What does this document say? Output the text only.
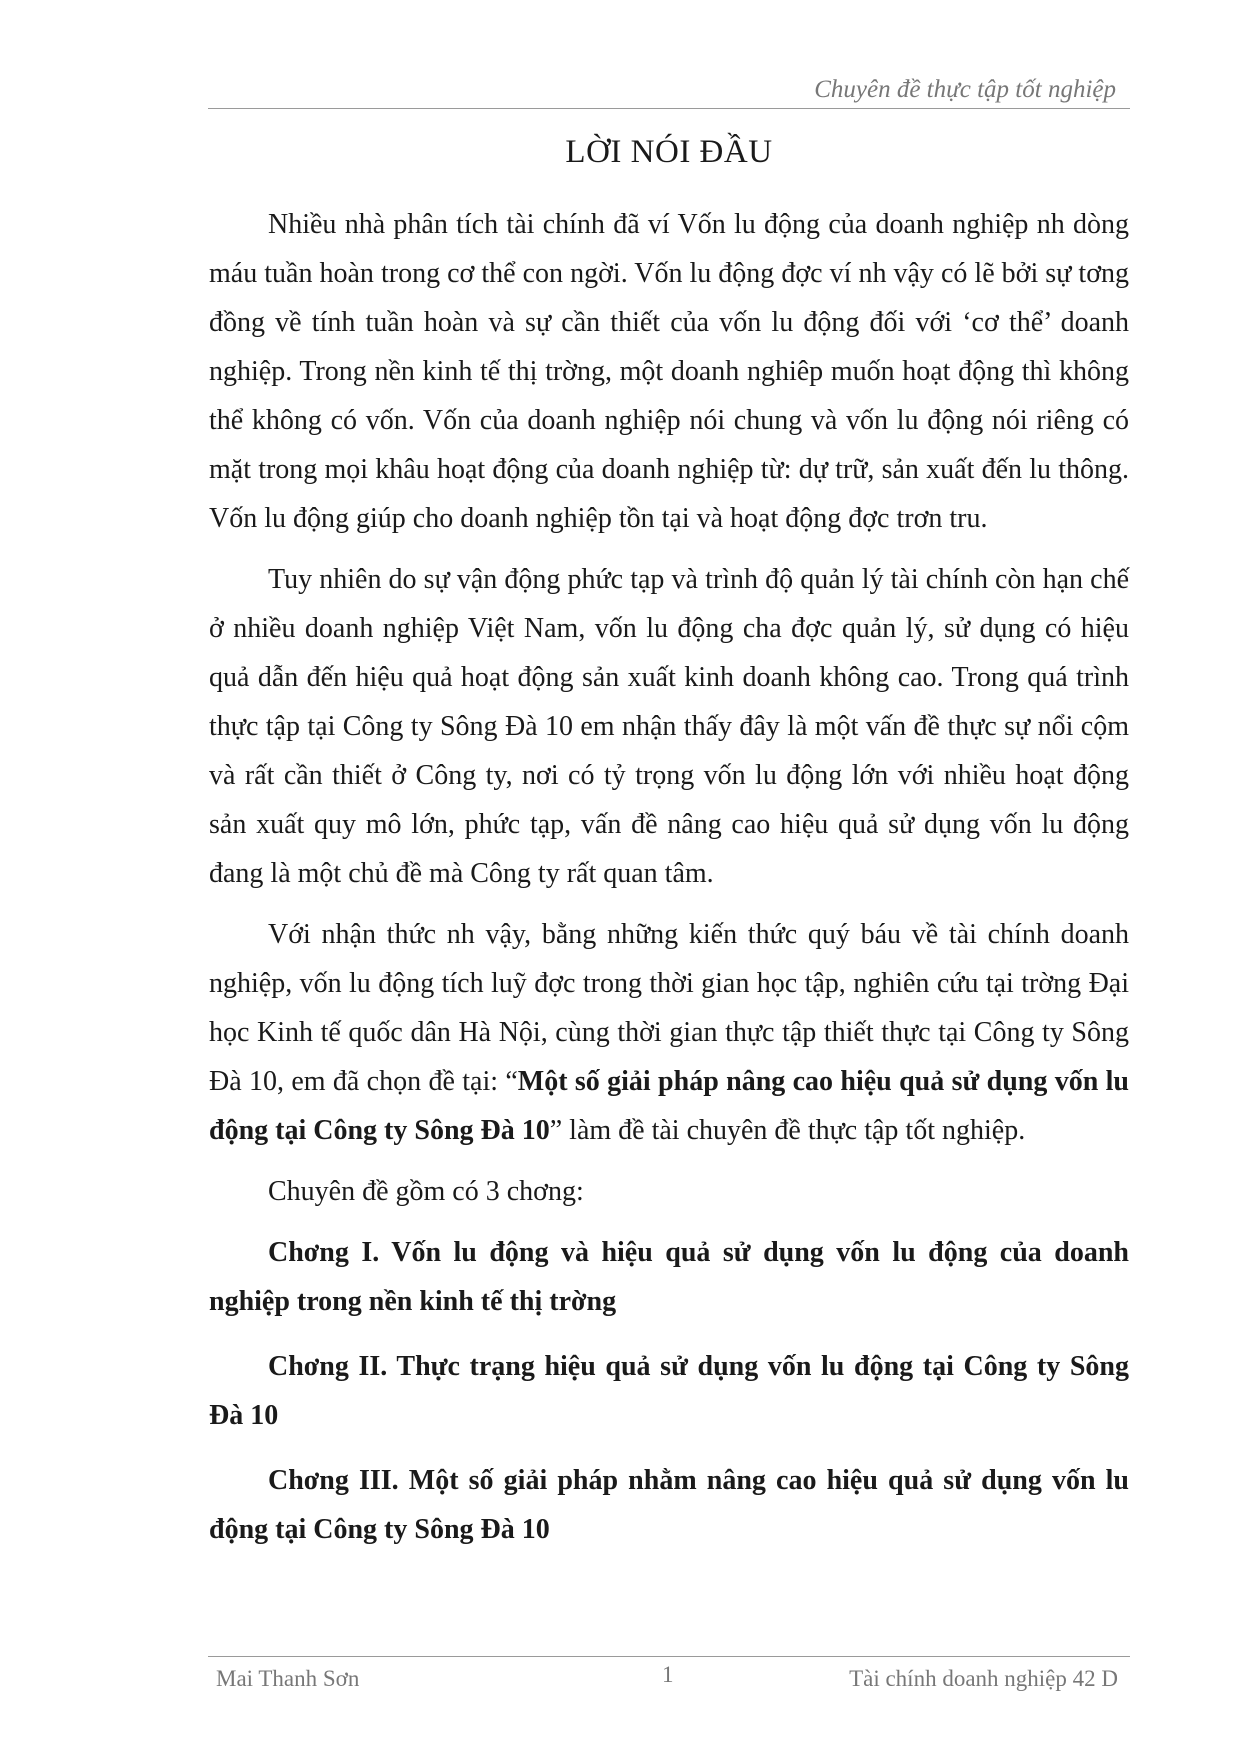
Chuyên đề thực tập tốt nghiệp
LỜI NÓI ĐẦU

Nhiều nhà phân tích tài chính đã ví Vốn lu động của doanh nghiệp nh dòng máu tuần hoàn trong cơ thể con ngời. Vốn lu động đợc ví nh vậy có lẽ bởi sự tơng đồng về tính tuần hoàn và sự cần thiết của vốn lu động đối với ‘cơ thể’ doanh nghiệp. Trong nền kinh tế thị trờng, một doanh nghiêp muốn hoạt động thì không thể không có vốn. Vốn của doanh nghiệp nói chung và vốn lu động nói riêng có mặt trong mọi khâu hoạt động của doanh nghiệp từ: dự trữ, sản xuất đến lu thông. Vốn lu động giúp cho doanh nghiệp tồn tại và hoạt động đợc trơn tru.

Tuy nhiên do sự vận động phức tạp và trình độ quản lý tài chính còn hạn chế ở nhiều doanh nghiệp Việt Nam, vốn lu động cha đợc quản lý, sử dụng có hiệu quả dẫn đến hiệu quả hoạt động sản xuất kinh doanh không cao. Trong quá trình thực tập tại Công ty Sông Đà 10 em nhận thấy đây là một vấn đề thực sự nổi cộm và rất cần thiết ở Công ty, nơi có tỷ trọng vốn lu động lớn với nhiều hoạt động sản xuất quy mô lớn, phức tạp, vấn đề nâng cao hiệu quả sử dụng vốn lu động đang là một chủ đề mà Công ty rất quan tâm.

Với nhận thức nh vậy, bằng những kiến thức quý báu về tài chính doanh nghiệp, vốn lu động tích luỹ đợc trong thời gian học tập, nghiên cứu tại trờng Đại học Kinh tế quốc dân Hà Nội, cùng thời gian thực tập thiết thực tại Công ty Sông Đà 10, em đã chọn đề tại: “Một số giải pháp nâng cao hiệu quả sử dụng vốn lu động tại Công ty Sông Đà 10” làm đề tài chuyên đề thực tập tốt nghiệp.

Chuyên đề gồm có 3 chơng:

Chơng I. Vốn lu động và hiệu quả sử dụng vốn lu động của doanh nghiệp trong nền kinh tế thị trờng

Chơng II. Thực trạng hiệu quả sử dụng vốn lu động tại Công ty Sông Đà 10

Chơng III. Một số giải pháp nhằm nâng cao hiệu quả sử dụng vốn lu động tại Công ty Sông Đà 10

Mai Thanh Sơn	1	Tài chính doanh nghiệp 42 D
